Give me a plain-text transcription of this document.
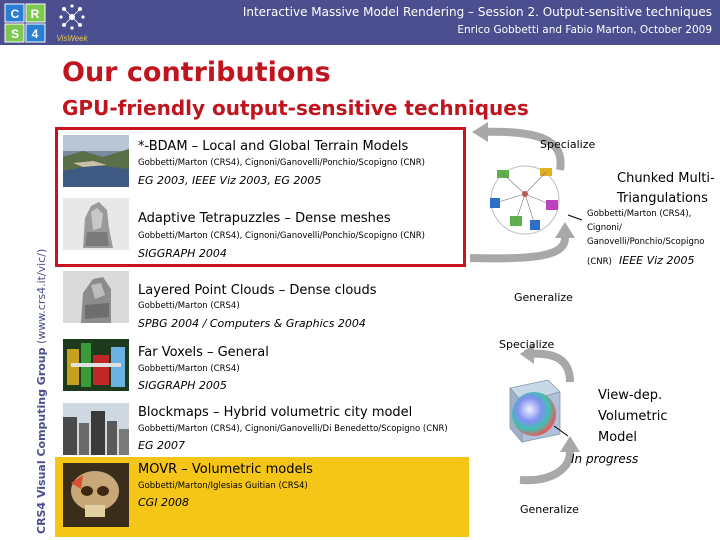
C R
S 4 VisWeek
Interactive Massive Model Rendering – Session 2. Output-sensitive techniques
Enrico Gobbetti and Fabio Marton, October 2009
CRS4 Visual Computing Group (www.crs4.it/vic/)
Our contributions
GPU-friendly output-sensitive techniques
*-BDAM – Local and Global Terrain Models
Gobbetti/Marton (CRS4), Cignoni/Ganovelli/Ponchio/Scopigno (CNR)
EG 2003, IEEE Viz 2003, EG 2005
Adaptive Tetrapuzzles – Dense meshes
Gobbetti/Marton (CRS4), Cignoni/Ganovelli/Ponchio/Scopigno (CNR)
SIGGRAPH 2004
Layered Point Clouds – Dense clouds
Gobbetti/Marton (CRS4)
SPBG 2004 / Computers & Graphics 2004
Far Voxels – General
Gobbetti/Marton (CRS4)
SIGGRAPH 2005
Blockmaps – Hybrid volumetric city model
Gobbetti/Marton (CRS4), Cignoni/Ganovelli/Di Benedetto/Scopigno (CNR)
EG 2007
MOVR – Volumetric models
Gobbetti/Marton/Iglesias Guitian (CRS4)
CGI 2008
Specialize
Chunked Multi-
Triangulations
Gobbetti/Marton (CRS4),
Cignoni/
Ganovelli/Ponchio/Scopigno
(CNR) IEEE Viz 2005
Generalize
Specialize
View-dep.
Volumetric
Model
In progress
Generalize
